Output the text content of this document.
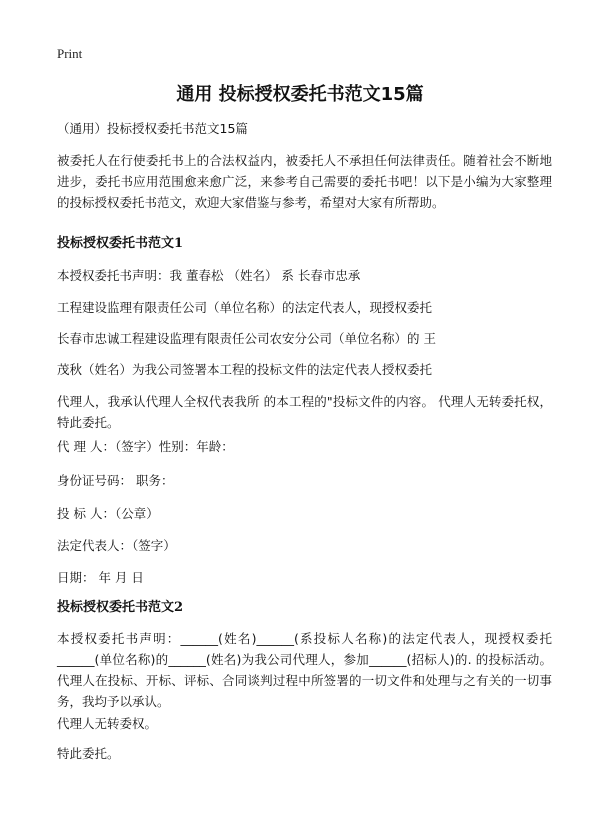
Print
通用 投标授权委托书范文15篇

（通用）投标授权委托书范文15篇

被委托人在行使委托书上的合法权益内，被委托人不承担任何法律责任。随着社会不断地进步，委托书应用范围愈来愈广泛，来参考自己需要的委托书吧！以下是小编为大家整理的投标授权委托书范文，欢迎大家借鉴与参考，希望对大家有所帮助。

投标授权委托书范文1

本授权委托书声明：我 董春松 （姓名） 系 长春市忠承

工程建设监理有限责任公司（单位名称）的法定代表人，现授权委托

长春市忠诚工程建设监理有限责任公司农安分公司（单位名称）的 王

茂秋（姓名）为我公司签署本工程的投标文件的法定代表人授权委托

代理人，我承认代理人全权代表我所 的本工程的"投标文件的内容。 代理人无转委托权，特此委托。

代 理 人：（签字）性别：年龄：

身份证号码： 职务：

投 标 人：（公章）

法定代表人：（签字）

日期： 年 月 日

投标授权委托书范文2

本授权委托书声明：______(姓名)______(系投标人名称)的法定代表人，现授权委托______(单位名称)的______(姓名)为我公司代理人，参加______(招标人)的. 的投标活动。代理人在投标、开标、评标、合同谈判过程中所签署的一切文件和处理与之有关的一切事务，我均予以承认。

代理人无转委权。

特此委托。
